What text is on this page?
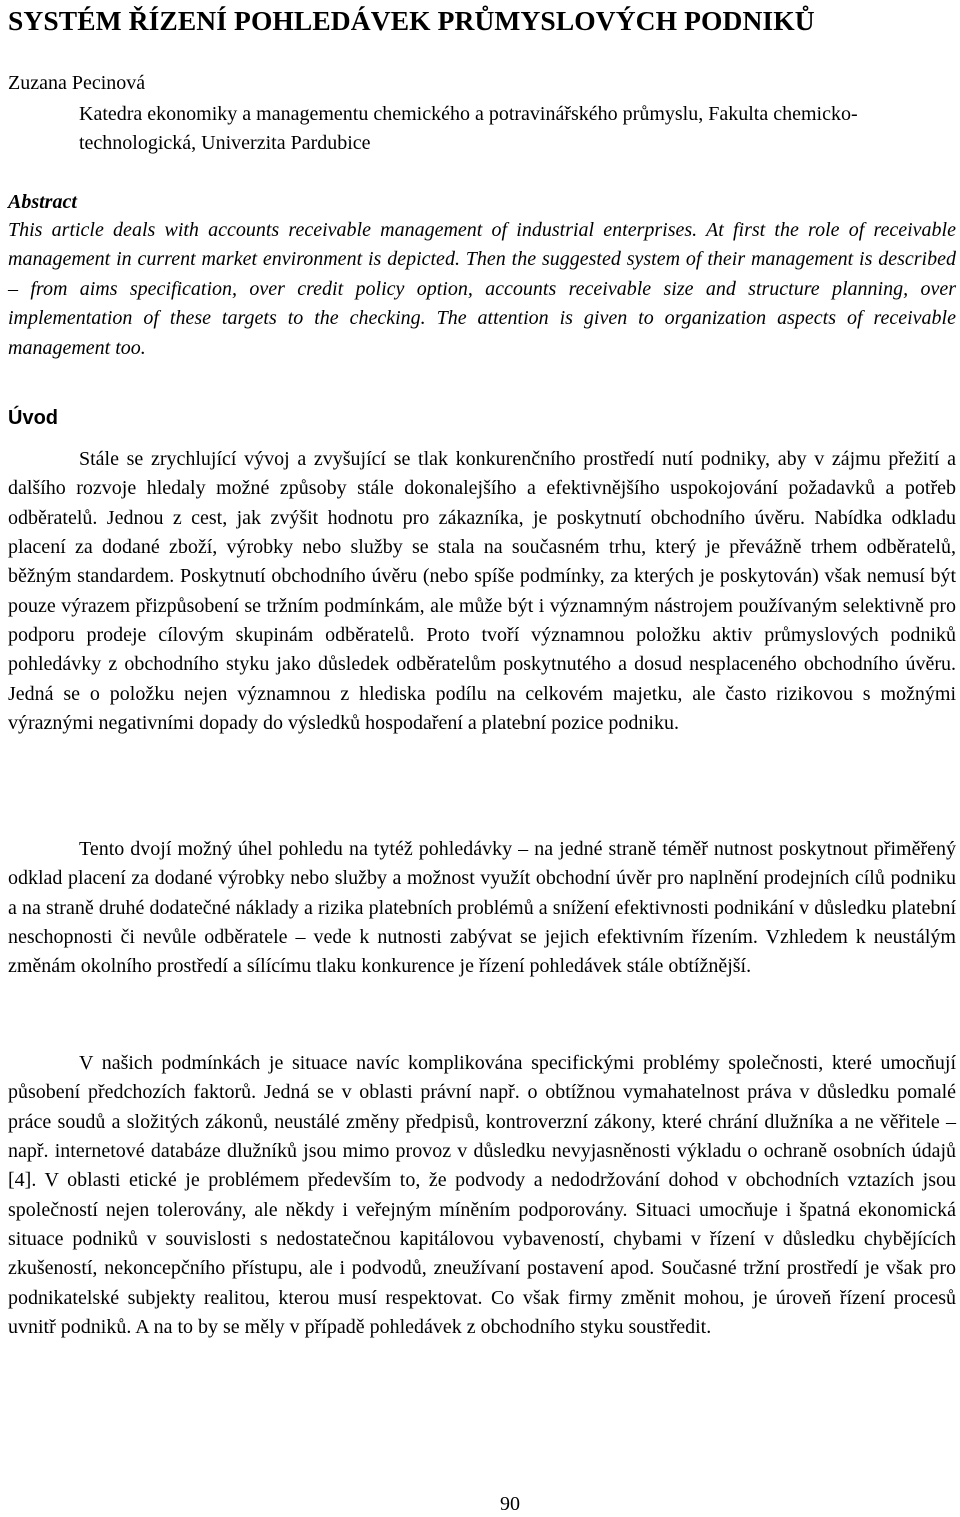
SYSTÉM ŘÍZENÍ POHLEDÁVEK PRŮMYSLOVÝCH PODNIKŮ
Zuzana Pecinová
Katedra ekonomiky a managementu chemického a potravinářského průmyslu, Fakulta chemicko- technologická, Univerzita Pardubice
Abstract
This article deals with accounts receivable management of industrial enterprises. At first the role of receivable management in current market environment is depicted. Then the suggested system of their management is described – from aims specification, over credit policy option, accounts receivable size and structure planning, over implementation of these targets to the checking. The attention is given to organization aspects of receivable management too.
Úvod

Stále se zrychlující vývoj a zvyšující se tlak konkurenčního prostředí nutí podniky, aby v zájmu přežití a dalšího rozvoje hledaly možné způsoby stále dokonalejšího a efektivnějšího uspokojování požadavků a potřeb odběratelů. Jednou z cest, jak zvýšit hodnotu pro zákazníka, je poskytnutí obchodního úvěru. Nabídka odkladu placení za dodané zboží, výrobky nebo služby se stala na současném trhu, který je převážně trhem odběratelů, běžným standardem. Poskytnutí obchodního úvěru (nebo spíše podmínky, za kterých je poskytován) však nemusí být pouze výrazem přizpůsobení se tržním podmínkám, ale může být i významným nástrojem používaným selektivně pro podporu prodeje cílovým skupinám odběratelů. Proto tvoří významnou položku aktiv průmyslových podniků pohledávky z obchodního styku jako důsledek odběratelům poskytnutého a dosud nesplaceného obchodního úvěru. Jedná se o položku nejen významnou z hlediska podílu na celkovém majetku, ale často rizikovou s možnými výraznými negativními dopady do výsledků hospodaření a platební pozice podniku.

Tento dvojí možný úhel pohledu na tytéž pohledávky – na jedné straně téměř nutnost poskytnout přiměřený odklad placení za dodané výrobky nebo služby a možnost využít obchodní úvěr pro naplnění prodejních cílů podniku a na straně druhé dodatečné náklady a rizika platebních problémů a snížení efektivnosti podnikání v důsledku platební neschopnosti či nevůle odběratele – vede k nutnosti zabývat se jejich efektivním řízením. Vzhledem k neustálým změnám okolního prostředí a sílícímu tlaku konkurence je řízení pohledávek stále obtížnější.

V našich podmínkách je situace navíc komplikována specifickými problémy společnosti, které umocňují působení předchozích faktorů. Jedná se v oblasti právní např. o obtížnou vymahatelnost práva v důsledku pomalé práce soudů a složitých zákonů, neustálé změny předpisů, kontroverzní zákony, které chrání dlužníka a ne věřitele – např. internetové databáze dlužníků jsou mimo provoz v důsledku nevyjasněnosti výkladu o ochraně osobních údajů [4]. V oblasti etické je problémem především to, že podvody a nedodržování dohod v obchodních vztazích jsou společností nejen tolerovány, ale někdy i veřejným míněním podporovány. Situaci umocňuje i špatná ekonomická situace podniků v souvislosti s nedostatečnou kapitálovou vybaveností, chybami v řízení v důsledku chybějících zkušeností, nekoncepčního přístupu, ale i podvodů, zneužívaní postavení apod. Současné tržní prostředí je však pro podnikatelské subjekty realitou, kterou musí respektovat. Co však firmy změnit mohou, je úroveň řízení procesů uvnitř podniků. A na to by se měly v případě pohledávek z obchodního styku soustředit.

90
